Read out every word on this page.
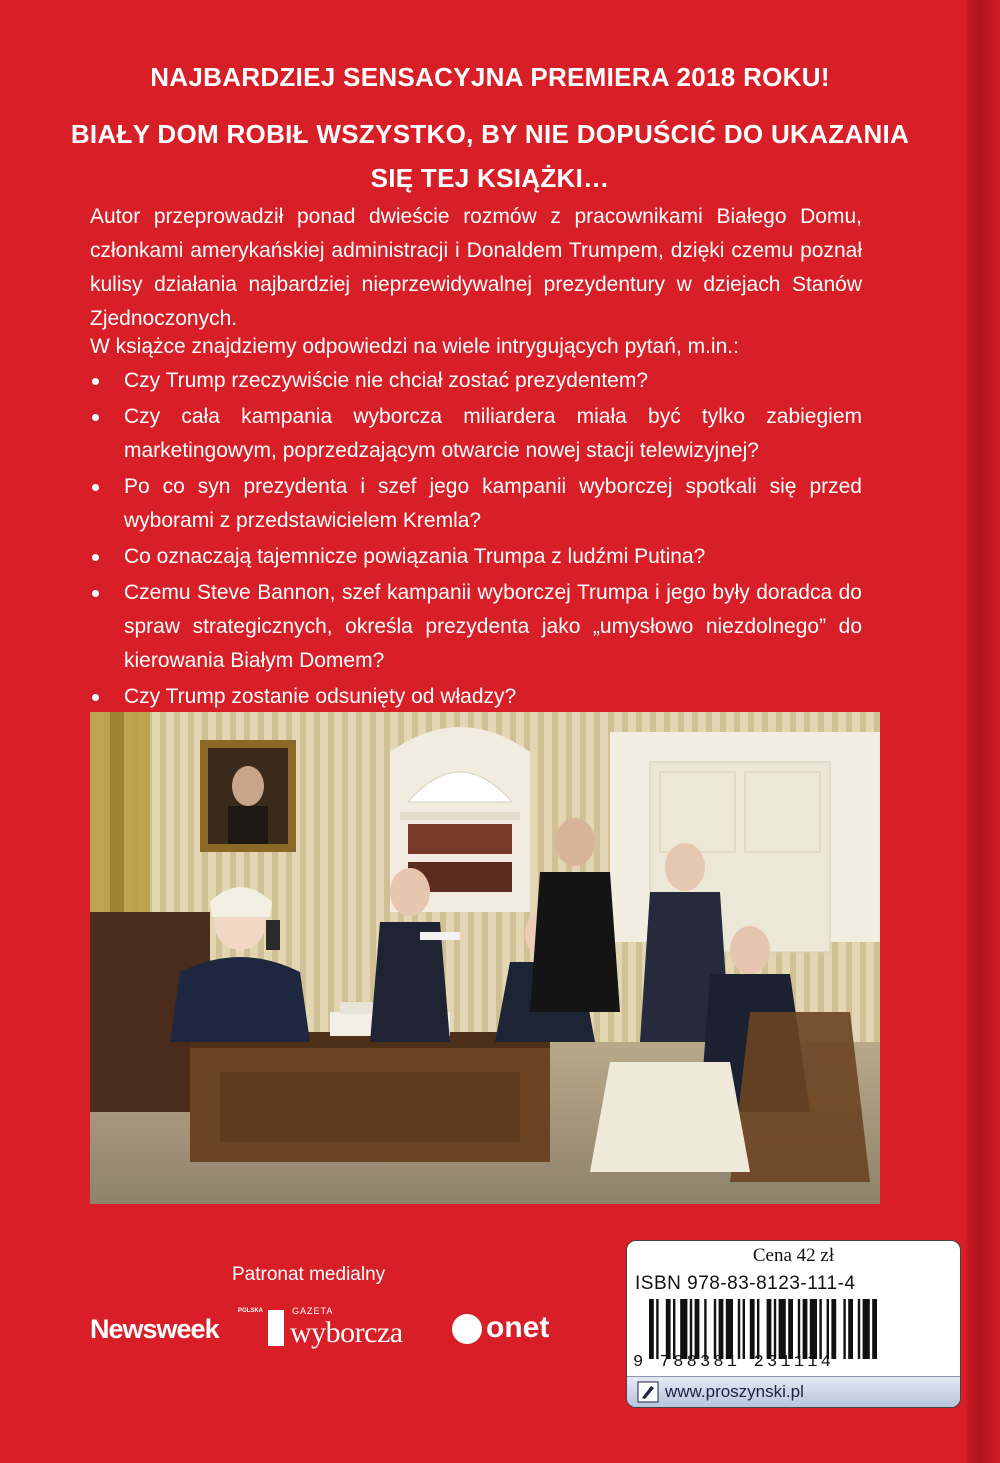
NAJBARDZIEJ SENSACYJNA PREMIERA 2018 ROKU!
BIAŁY DOM ROBIŁ WSZYSTKO, BY NIE DOPUŚCIĆ DO UKAZANIA
SIĘ TEJ KSIĄŻKI…
Autor przeprowadził ponad dwieście rozmów z pracownikami Białego Domu, członkami amerykańskiej administracji i Donaldem Trumpem, dzięki czemu poznał kulisy działania najbardziej nieprzewidywalnej prezydentury w dziejach Stanów Zjednoczonych.
W książce znajdziemy odpowiedzi na wiele intrygujących pytań, m.in.:
Czy Trump rzeczywiście nie chciał zostać prezydentem?
Czy cała kampania wyborcza miliardera miała być tylko zabiegiem marketingowym, poprzedzającym otwarcie nowej stacji telewizyjnej?
Po co syn prezydenta i szef jego kampanii wyborczej spotkali się przed wyborami z przedstawicielem Kremla?
Co oznaczają tajemnicze powiązania Trumpa z ludźmi Putina?
Czemu Steve Bannon, szef kampanii wyborczej Trumpa i jego były doradca do spraw strategicznych, określa prezydenta jako „umysłowo niezdolnego” do kierowania Białym Domem?
Czy Trump zostanie odsunięty od władzy?
Patronat medialny
Newsweek
POLSKA	GAZETA
wyborcza	onet
Cena 42 zł
ISBN 978-83-8123-111-4
9 788381 231114
www.proszynski.pl
